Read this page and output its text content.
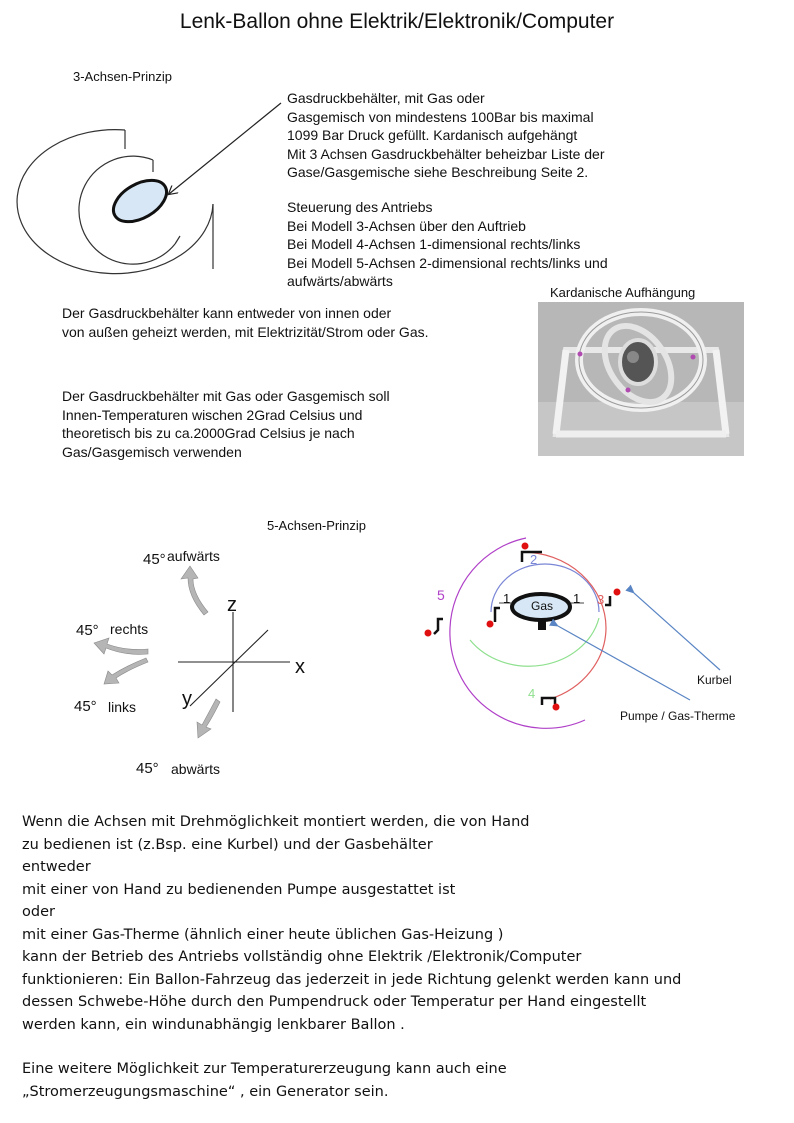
Lenk-Ballon ohne Elektrik/Elektronik/Computer
3-Achsen-Prinzip
Kardanische Aufhängung
5-Achsen-Prinzip

Gasdruckbehälter, mit Gas oder

Gasgemisch von mindestens 100Bar bis maximal

1099 Bar Druck gefüllt. Kardanisch aufgehängt

Mit 3 Achsen Gasdruckbehälter beheizbar Liste der

Gase/Gasgemische siehe Beschreibung Seite 2.

Steuerung des Antriebs

Bei Modell 3-Achsen über den Auftrieb

Bei Modell 4-Achsen 1-dimensional rechts/links

Bei Modell 5-Achsen 2-dimensional rechts/links und

aufwärts/abwärts

Der Gasdruckbehälter kann entweder von innen oder

von außen geheizt werden, mit Elektrizität/Strom oder Gas.

Der Gasdruckbehälter mit Gas oder Gasgemisch soll

Innen-Temperaturen wischen 2Grad Celsius und

theoretisch bis zu ca.2000Grad Celsius je nach

Gas/Gasgemisch verwenden

45° aufwärts
45° rechts
45° links
45° abwärts
z
x
y
Gas
1	1
2
3
4
5
Kurbel
Pumpe / Gas-Therme

Wenn die Achsen mit Drehmöglichkeit montiert werden, die von Hand

zu bedienen ist (z.Bsp. eine Kurbel) und der Gasbehälter

entweder

mit einer von Hand zu bedienenden Pumpe ausgestattet ist

oder

mit einer Gas-Therme (ähnlich einer heute üblichen Gas-Heizung )

kann der Betrieb des Antriebs vollständig ohne Elektrik /Elektronik/Computer

funktionieren: Ein Ballon-Fahrzeug das jederzeit in jede Richtung gelenkt werden kann und

dessen Schwebe-Höhe durch den Pumpendruck oder Temperatur per Hand eingestellt

werden kann, ein windunabhängig lenkbarer Ballon .

Eine weitere Möglichkeit zur Temperaturerzeugung kann auch eine

„Stromerzeugungsmaschine“ , ein Generator sein.
